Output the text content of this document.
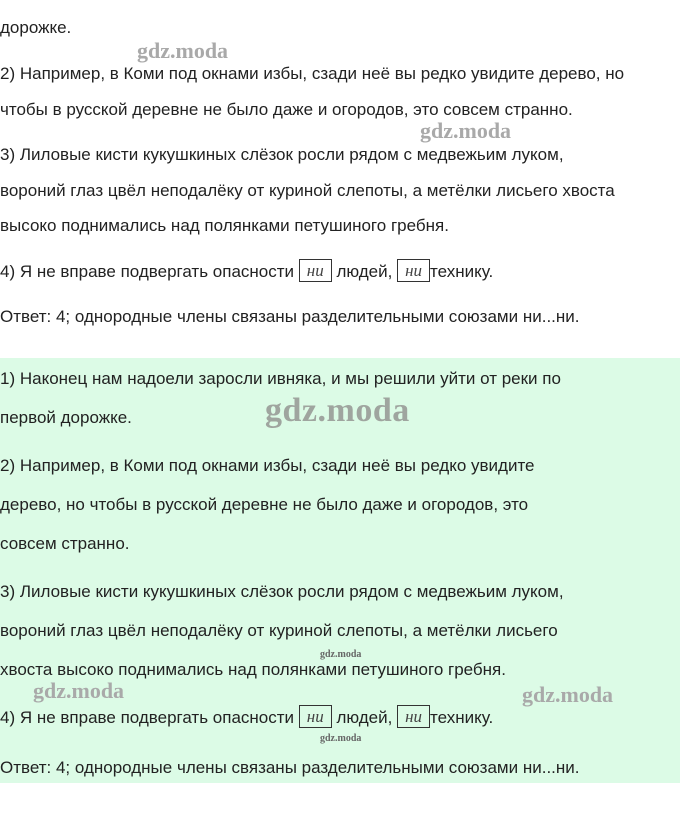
дорожке.
2) Например, в Коми под окнами избы, сзади неё вы редко увидите дерево, но
чтобы в русской деревне не было даже и огородов, это совсем странно.
3) Лиловые кисти кукушкиных слёзок росли рядом с медвежьим луком,
вороний глаз цвёл неподалёку от куриной слепоты, а метёлки лисьего хвоста
высоко поднимались над полянками петушиного гребня.
4) Я не вправе подвергать опасности ни людей, ни технику.
Ответ: 4; однородные члены связаны разделительными союзами ни...ни.
1) Наконец нам надоели заросли ивняка, и мы решили уйти от реки по
первой дорожке.
2) Например, в Коми под окнами избы, сзади неё вы редко увидите
дерево, но чтобы в русской деревне не было даже и огородов, это
совсем странно.
3) Лиловые кисти кукушкиных слёзок росли рядом с медвежьим луком,
вороний глаз цвёл неподалёку от куриной слепоты, а метёлки лисьего
хвоста высоко поднимались над полянками петушиного гребня.
4) Я не вправе подвергать опасности ни людей, ни технику.
Ответ: 4; однородные члены связаны разделительными союзами ни...ни.
gdz.moda
gdz.moda
gdz.moda
gdz.moda
gdz.moda	gdz.moda
gdz.moda
